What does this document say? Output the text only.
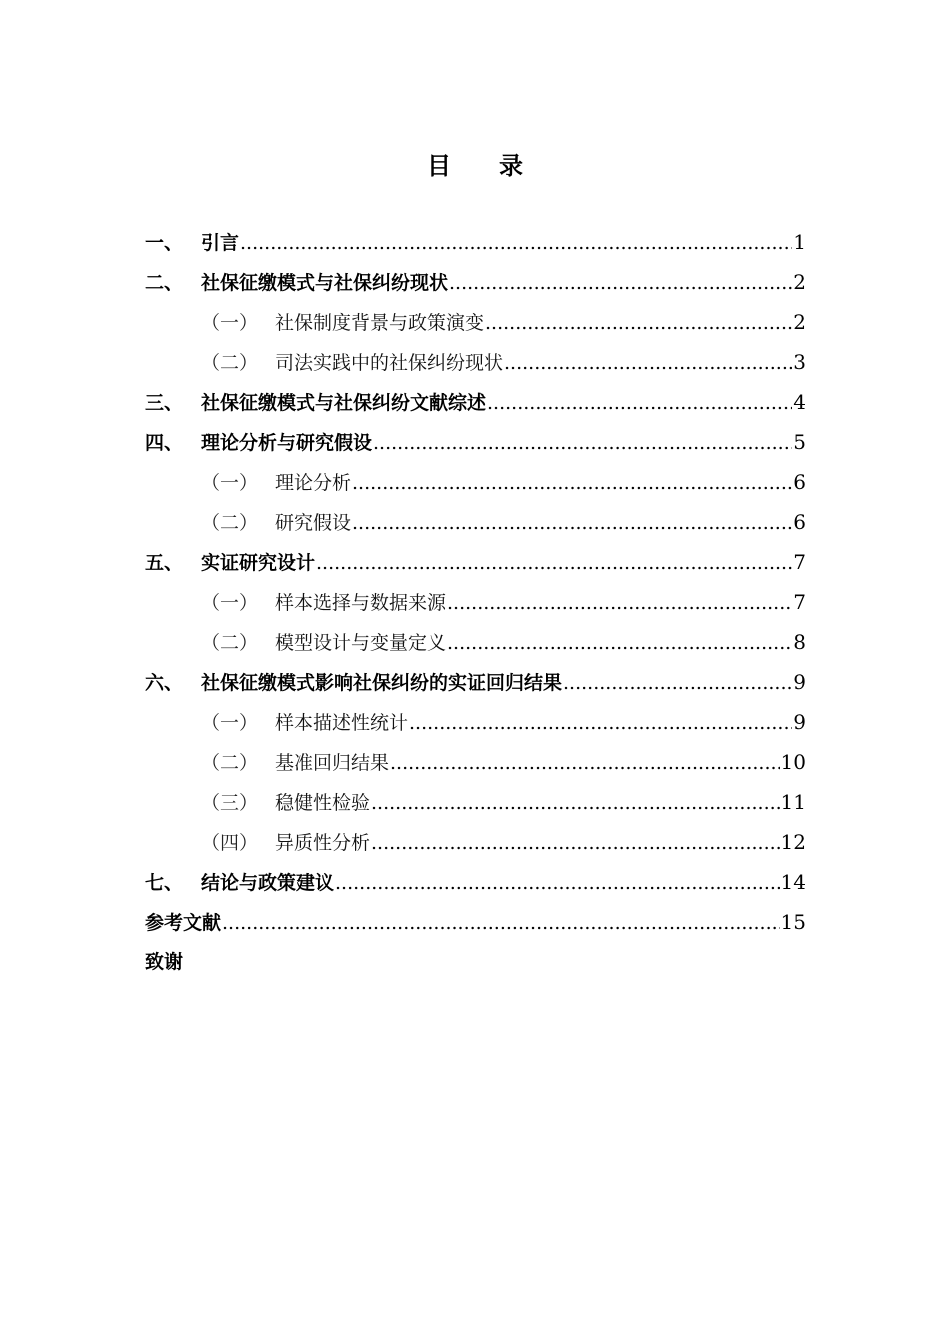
目 录
一、 引言 .....	1
二、 社保征缴模式与社保纠纷现状 .....	2
（一） 社保制度背景与政策演变 .....	2
（二） 司法实践中的社保纠纷现状 .....	3
三、 社保征缴模式与社保纠纷文献综述 .....	4
四、 理论分析与研究假设 .....	5
（一） 理论分析 .....	6
（二） 研究假设 .....	6
五、 实证研究设计 .....	7
（一） 样本选择与数据来源 .....	7
（二） 模型设计与变量定义 .....	8
六、 社保征缴模式影响社保纠纷的实证回归结果 .....	9
（一） 样本描述性统计 .....	9
（二） 基准回归结果 .....	10
（三） 稳健性检验 .....	11
（四） 异质性分析 .....	12
七、 结论与政策建议 .....	14
参考文献 .....	15
致谢
